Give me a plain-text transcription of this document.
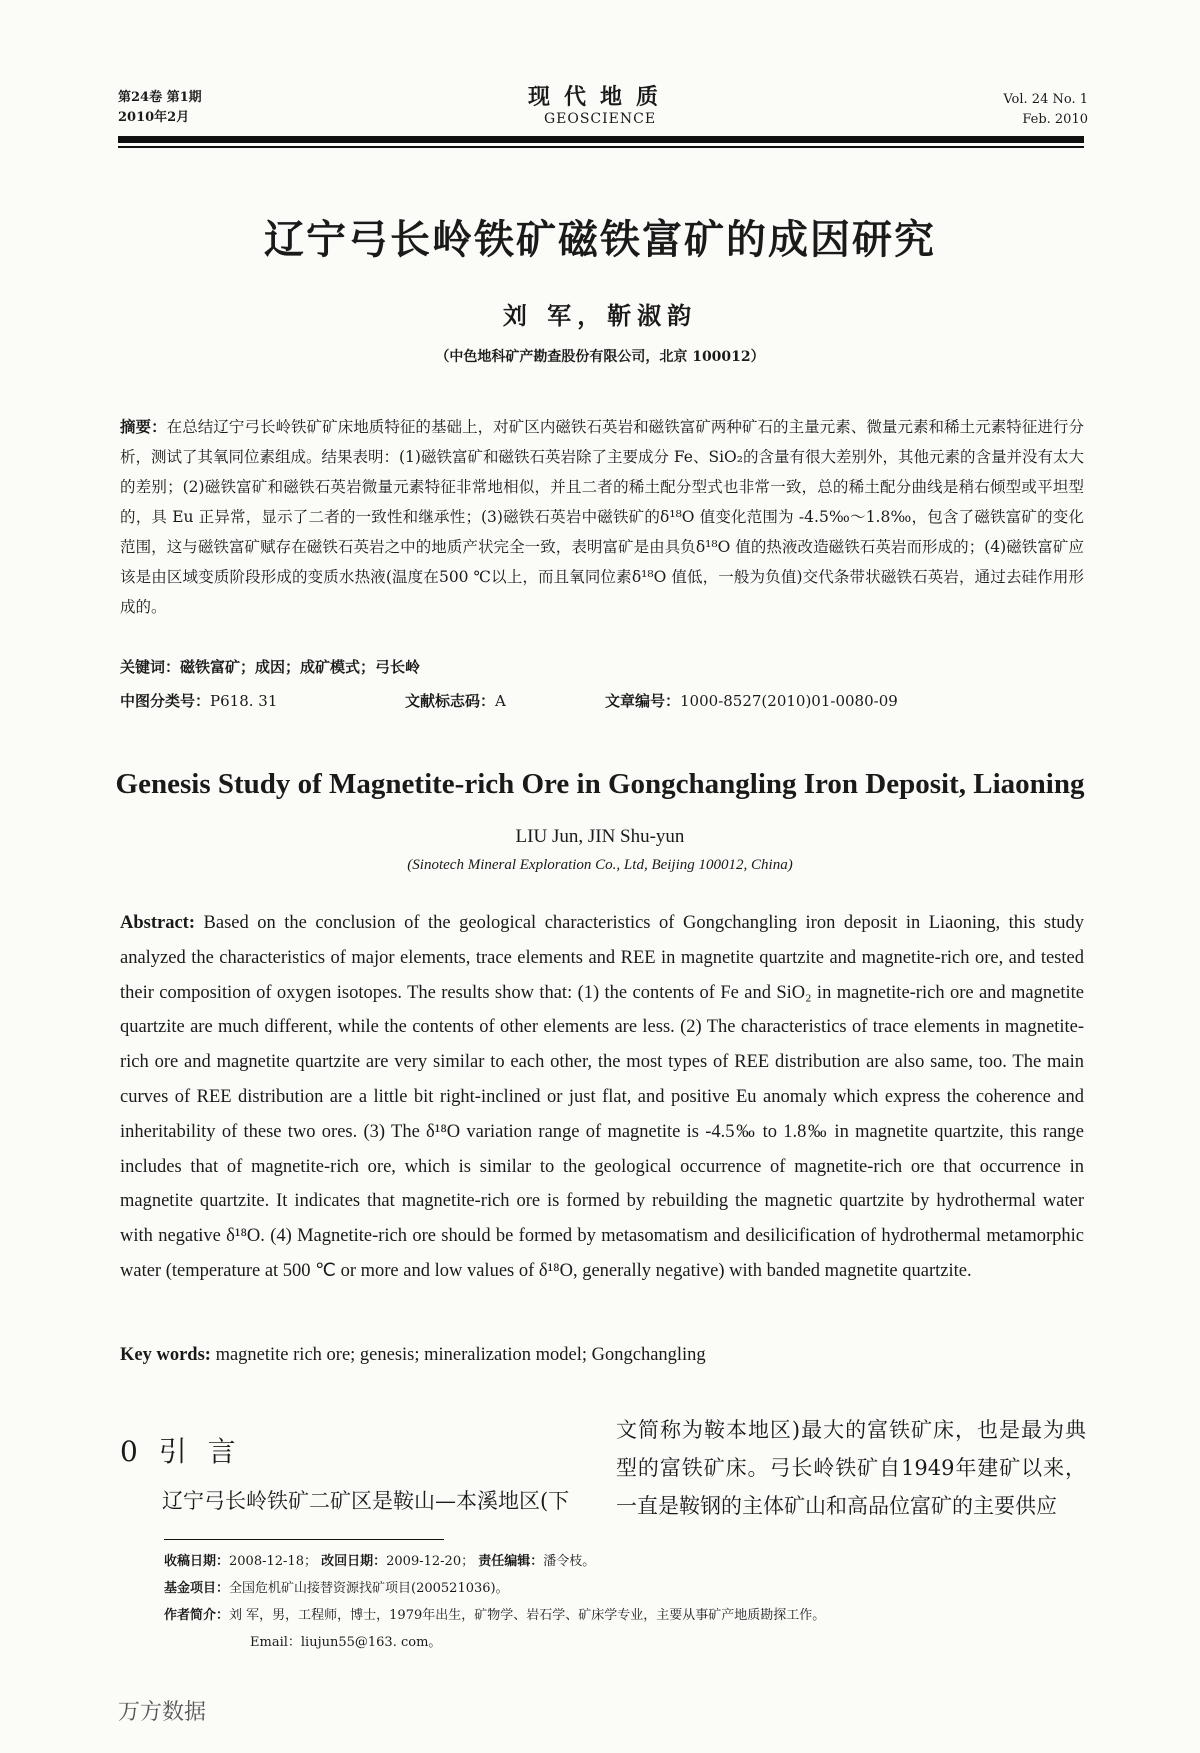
第24卷 第1期
2010年2月
现代地质
GEOSCIENCE
Vol. 24 No. 1
Feb. 2010
辽宁弓长岭铁矿磁铁富矿的成因研究
刘 军，靳淑韵
（中色地科矿产勘查股份有限公司，北京 100012）
摘要：在总结辽宁弓长岭铁矿矿床地质特征的基础上，对矿区内磁铁石英岩和磁铁富矿两种矿石的主量元素、微量元素和稀土元素特征进行分析，测试了其氧同位素组成。结果表明：(1)磁铁富矿和磁铁石英岩除了主要成分 Fe、SiO₂的含量有很大差别外，其他元素的含量并没有太大的差别；(2)磁铁富矿和磁铁石英岩微量元素特征非常地相似，并且二者的稀土配分型式也非常一致，总的稀土配分曲线是稍右倾型或平坦型的，具 Eu 正异常，显示了二者的一致性和继承性；(3)磁铁石英岩中磁铁矿的δ¹⁸O 值变化范围为 -4.5‰～1.8‰，包含了磁铁富矿的变化范围，这与磁铁富矿赋存在磁铁石英岩之中的地质产状完全一致，表明富矿是由具负δ¹⁸O 值的热液改造磁铁石英岩而形成的；(4)磁铁富矿应该是由区域变质阶段形成的变质水热液(温度在500 ℃以上，而且氧同位素δ¹⁸O 值低，一般为负值)交代条带状磁铁石英岩，通过去硅作用形成的。
关键词：磁铁富矿；成因；成矿模式；弓长岭
中图分类号：P618. 31	文献标志码：A	文章编号：1000-8527(2010)01-0080-09
Genesis Study of Magnetite-rich Ore in Gongchangling Iron Deposit, Liaoning
LIU Jun, JIN Shu-yun
(Sinotech Mineral Exploration Co., Ltd, Beijing 100012, China)
Abstract: Based on the conclusion of the geological characteristics of Gongchangling iron deposit in Liaoning, this study analyzed the characteristics of major elements, trace elements and REE in magnetite quartzite and magnetite-rich ore, and tested their composition of oxygen isotopes. The results show that: (1) the contents of Fe and SiO₂ in magnetite-rich ore and magnetite quartzite are much different, while the contents of other elements are less. (2) The characteristics of trace elements in magnetite-rich ore and magnetite quartzite are very similar to each other, the most types of REE distribution are also same, too. The main curves of REE distribution are a little bit right-inclined or just flat, and positive Eu anomaly which express the coherence and inheritability of these two ores. (3) The δ¹⁸O variation range of magnetite is -4.5‰ to 1.8‰ in magnetite quartzite, this range includes that of magnetite-rich ore, which is similar to the geological occurrence of magnetite-rich ore that occurrence in magnetite quartzite. It indicates that magnetite-rich ore is formed by rebuilding the magnetic quartzite by hydrothermal water with negative δ¹⁸O. (4) Magnetite-rich ore should be formed by metasomatism and desilicification of hydrothermal metamorphic water (temperature at 500 ℃ or more and low values of δ¹⁸O, generally negative) with banded magnetite quartzite.
Key words: magnetite rich ore; genesis; mineralization model; Gongchangling
0 引 言
辽宁弓长岭铁矿二矿区是鞍山—本溪地区(下
文简称为鞍本地区)最大的富铁矿床，也是最为典型的富铁矿床。弓长岭铁矿自1949年建矿以来，一直是鞍钢的主体矿山和高品位富矿的主要供应
收稿日期：2008-12-18； 改回日期：2009-12-20； 责任编辑：潘令枝。
基金项目：全国危机矿山接替资源找矿项目(200521036)。
作者简介：刘 军，男，工程师，博士，1979年出生，矿物学、岩石学、矿床学专业，主要从事矿产地质勘探工作。
Email：liujun55@163. com。
万方数据
